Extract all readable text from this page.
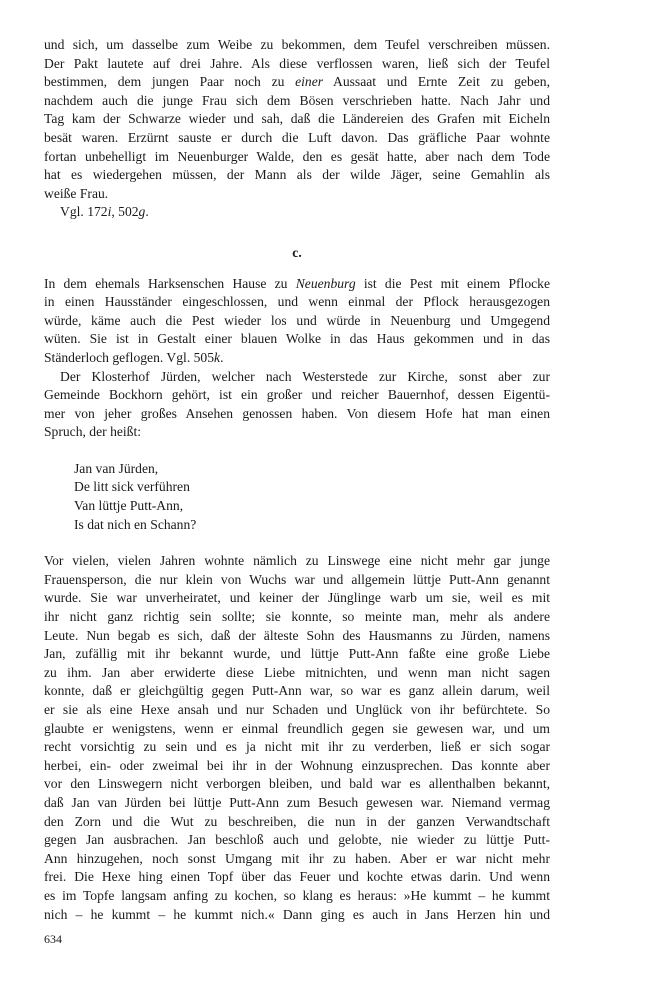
und sich, um dasselbe zum Weibe zu bekommen, dem Teufel verschreiben müssen.
Der Pakt lautete auf drei Jahre. Als diese verflossen waren, ließ sich der Teufel
bestimmen, dem jungen Paar noch zu einer Aussaat und Ernte Zeit zu geben,
nachdem auch die junge Frau sich dem Bösen verschrieben hatte. Nach Jahr und
Tag kam der Schwarze wieder und sah, daß die Ländereien des Grafen mit Eicheln
besät waren. Erzürnt sauste er durch die Luft davon. Das gräfliche Paar wohnte
fortan unbehelligt im Neuenburger Walde, den es gesät hatte, aber nach dem Tode
hat es wiedergehen müssen, der Mann als der wilde Jäger, seine Gemahlin als
weiße Frau.
Vgl. 172i, 502g.
c.
In dem ehemals Harksenschen Hause zu Neuenburg ist die Pest mit einem Pflocke
in einen Hausständer eingeschlossen, und wenn einmal der Pflock herausgezogen
würde, käme auch die Pest wieder los und würde in Neuenburg und Umgegend
wüten. Sie ist in Gestalt einer blauen Wolke in das Haus gekommen und in das
Ständerloch geflogen. Vgl. 505k.
Der Klosterhof Jürden, welcher nach Westerstede zur Kirche, sonst aber zur
Gemeinde Bockhorn gehört, ist ein großer und reicher Bauernhof, dessen Eigentü-
mer von jeher großes Ansehen genossen haben. Von diesem Hofe hat man einen
Spruch, der heißt:
Jan van Jürden,
De litt sick verführen
Van lüttje Putt-Ann,
Is dat nich en Schann?
Vor vielen, vielen Jahren wohnte nämlich zu Linswege eine nicht mehr gar junge
Frauensperson, die nur klein von Wuchs war und allgemein lüttje Putt-Ann genannt
wurde. Sie war unverheiratet, und keiner der Jünglinge warb um sie, weil es mit
ihr nicht ganz richtig sein sollte; sie konnte, so meinte man, mehr als andere
Leute. Nun begab es sich, daß der älteste Sohn des Hausmanns zu Jürden, namens
Jan, zufällig mit ihr bekannt wurde, und lüttje Putt-Ann faßte eine große Liebe
zu ihm. Jan aber erwiderte diese Liebe mitnichten, und wenn man nicht sagen
konnte, daß er gleichgültig gegen Putt-Ann war, so war es ganz allein darum, weil
er sie als eine Hexe ansah und nur Schaden und Unglück von ihr befürchtete. So
glaubte er wenigstens, wenn er einmal freundlich gegen sie gewesen war, und um
recht vorsichtig zu sein und es ja nicht mit ihr zu verderben, ließ er sich sogar
herbei, ein- oder zweimal bei ihr in der Wohnung einzusprechen. Das konnte aber
vor den Linswegern nicht verborgen bleiben, und bald war es allenthalben bekannt,
daß Jan van Jürden bei lüttje Putt-Ann zum Besuch gewesen war. Niemand vermag
den Zorn und die Wut zu beschreiben, die nun in der ganzen Verwandtschaft
gegen Jan ausbrachen. Jan beschloß auch und gelobte, nie wieder zu lüttje Putt-
Ann hinzugehen, noch sonst Umgang mit ihr zu haben. Aber er war nicht mehr
frei. Die Hexe hing einen Topf über das Feuer und kochte etwas darin. Und wenn
es im Topfe langsam anfing zu kochen, so klang es heraus: »He kummt – he kummt
nich – he kummt – he kummt nich.« Dann ging es auch in Jans Herzen hin und
634
